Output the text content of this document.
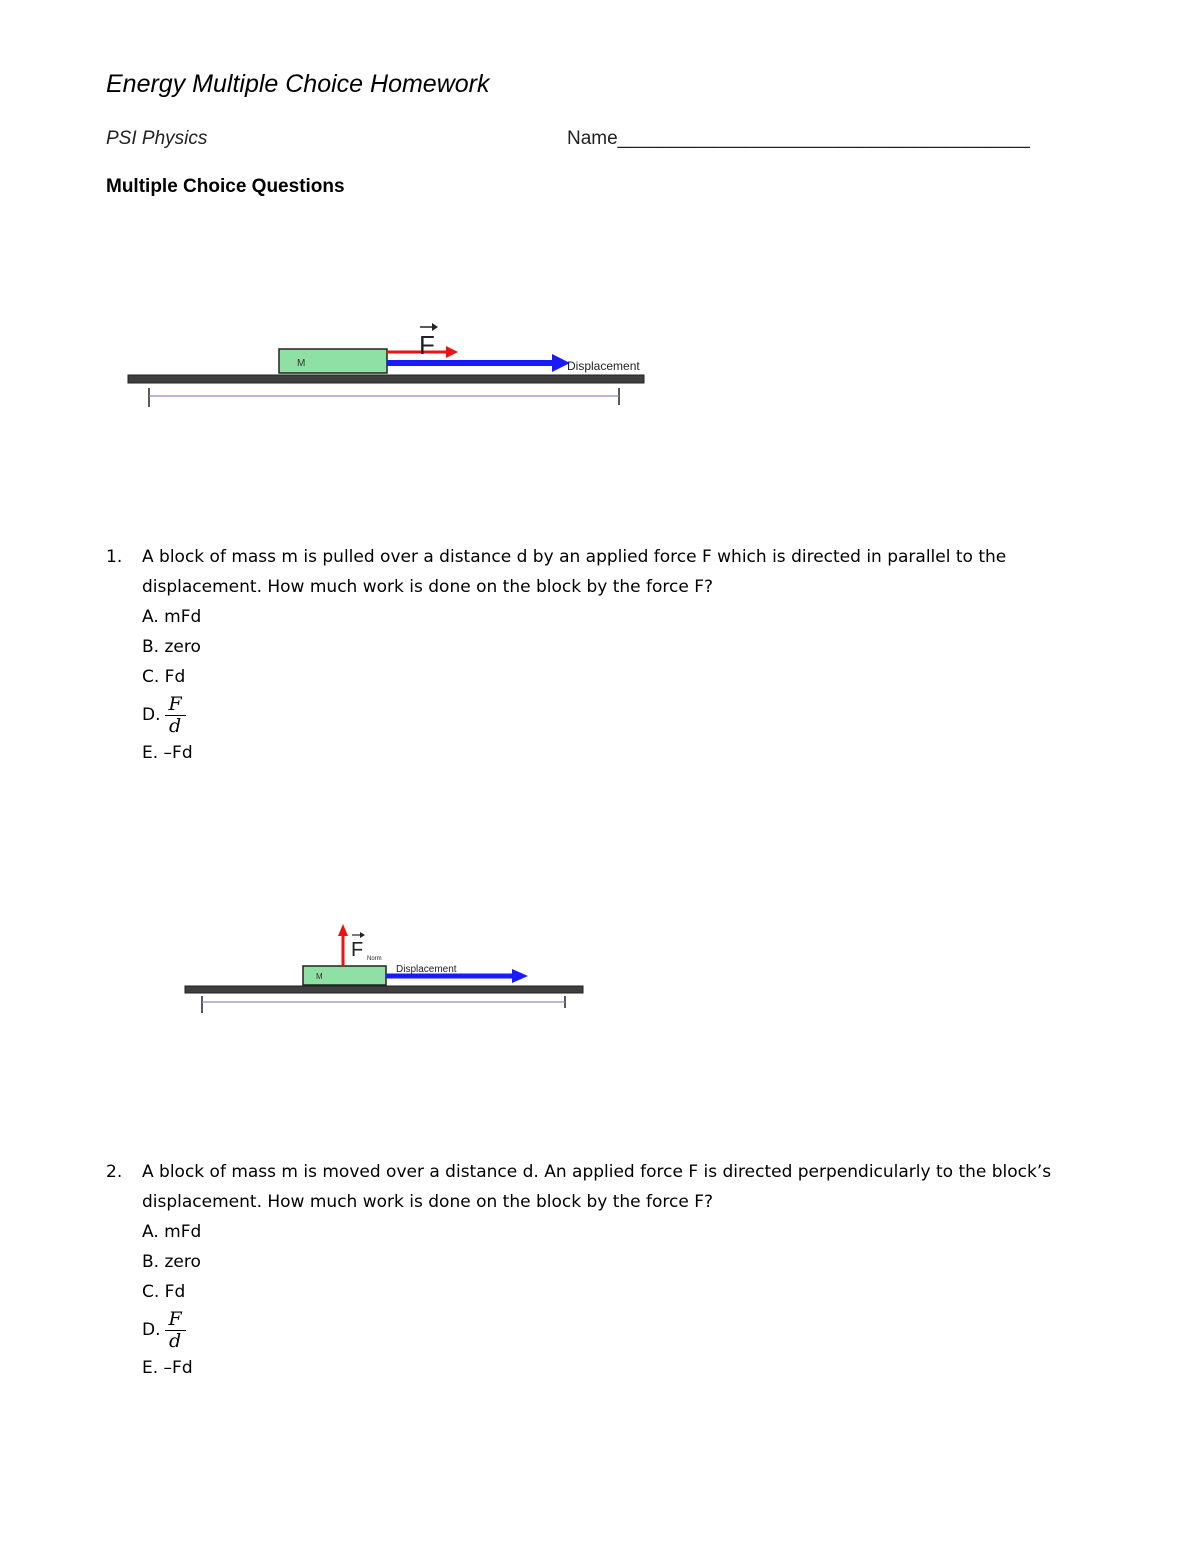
Energy Multiple Choice Homework
PSI Physics	Name_______________________________________
Multiple Choice Questions
M	Displacement
F
1. A block of mass m is pulled over a distance d by an applied force F which is directed in parallel to the
displacement. How much work is done on the block by the force F?
A. mFd
B. zero
C. Fd
D. $\frac{F}{d}$
E. –Fd
M
Displacement
F Norm
2. A block of mass m is moved over a distance d. An applied force F is directed perpendicularly to the block’s
displacement. How much work is done on the block by the force F?
A. mFd
B. zero
C. Fd
D. $\frac{F}{d}$
E. –Fd
